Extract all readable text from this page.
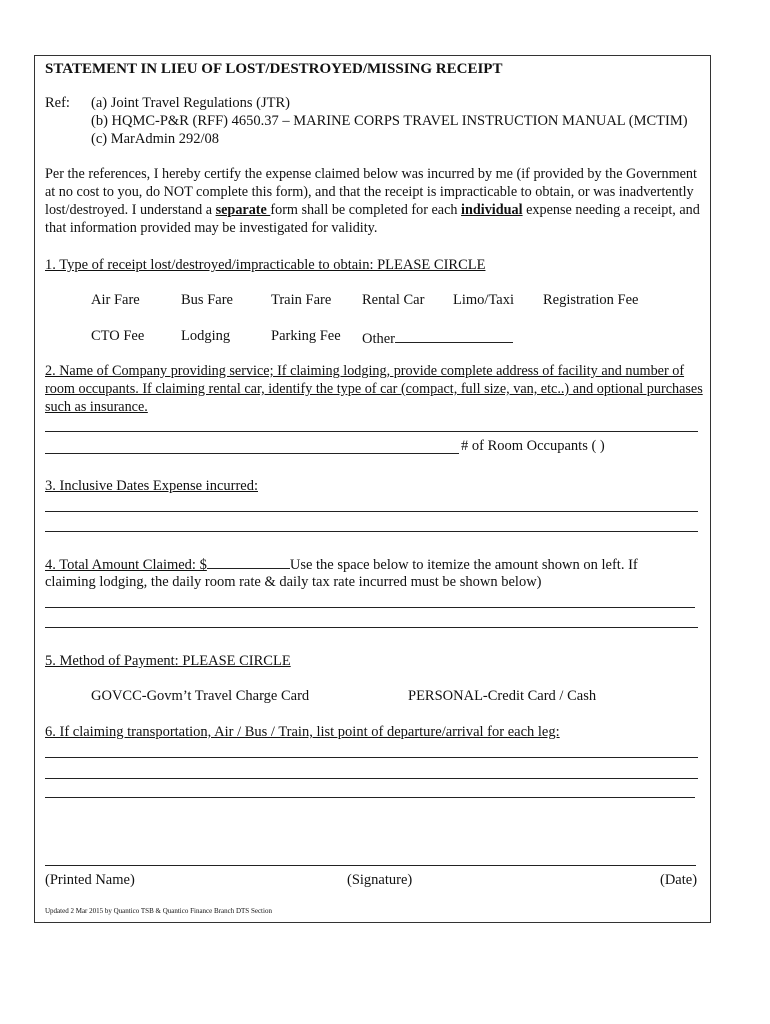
STATEMENT IN LIEU OF LOST/DESTROYED/MISSING RECEIPT
Ref: (a) Joint Travel Regulations (JTR)
(b) HQMC-P&R (RFF) 4650.37 – MARINE CORPS TRAVEL INSTRUCTION MANUAL (MCTIM)
(c) MarAdmin 292/08
Per the references, I hereby certify the expense claimed below was incurred by me (if provided by the Government at no cost to you, do NOT complete this form), and that the receipt is impracticable to obtain, or was inadvertently lost/destroyed. I understand a separate form shall be completed for each individual expense needing a receipt, and that information provided may be investigated for validity.
1. Type of receipt lost/destroyed/impracticable to obtain: PLEASE CIRCLE
Air Fare	Bus Fare	Train Fare Rental Car Limo/Taxi Registration Fee
CTO Fee	Lodging	Parking Fee Other
2. Name of Company providing service; If claiming lodging, provide complete address of facility and number of room occupants. If claiming rental car, identify the type of car (compact, full size, van, etc..) and optional purchases such as insurance.
# of Room Occupants ( )
3. Inclusive Dates Expense incurred:
4. Total Amount Claimed: $	Use the space below to itemize the amount shown on left. If
claiming lodging, the daily room rate & daily tax rate incurred must be shown below)
5. Method of Payment: PLEASE CIRCLE
GOVCC-Govm’t Travel Charge Card	PERSONAL-Credit Card / Cash
6. If claiming transportation, Air / Bus / Train, list point of departure/arrival for each leg:
(Printed Name)	(Signature)	(Date)
Updated 2 Mar 2015 by Quantico TSB & Quantico Finance Branch DTS Section
